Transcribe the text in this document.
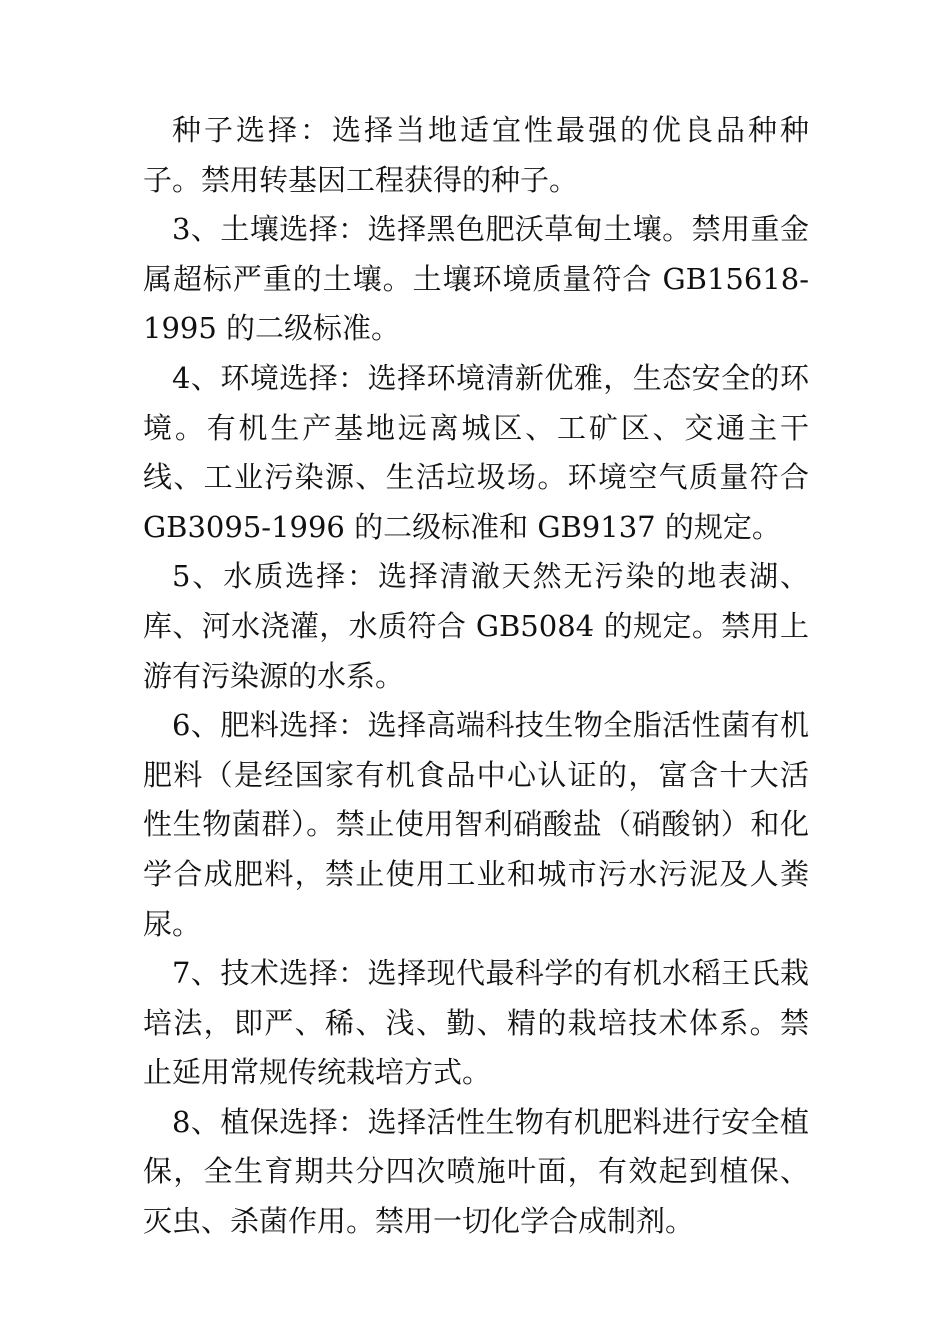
种子选择：选择当地适宜性最强的优良品种种子。禁用转基因工程获得的种子。

3、土壤选择：选择黑色肥沃草甸土壤。禁用重金属超标严重的土壤。土壤环境质量符合 GB15618-1995 的二级标准。

4、环境选择：选择环境清新优雅，生态安全的环境。有机生产基地远离城区、工矿区、交通主干线、工业污染源、生活垃圾场。环境空气质量符合 GB3095-1996 的二级标准和 GB9137 的规定。

5、水质选择：选择清澈天然无污染的地表湖、库、河水浇灌，水质符合 GB5084 的规定。禁用上游有污染源的水系。

6、肥料选择：选择高端科技生物全脂活性菌有机肥料（是经国家有机食品中心认证的，富含十大活性生物菌群）。禁止使用智利硝酸盐（硝酸钠）和化学合成肥料，禁止使用工业和城市污水污泥及人粪尿。

7、技术选择：选择现代最科学的有机水稻王氏栽培法，即严、稀、浅、勤、精的栽培技术体系。禁止延用常规传统栽培方式。

8、植保选择：选择活性生物有机肥料进行安全植保，全生育期共分四次喷施叶面，有效起到植保、灭虫、杀菌作用。禁用一切化学合成制剂。
